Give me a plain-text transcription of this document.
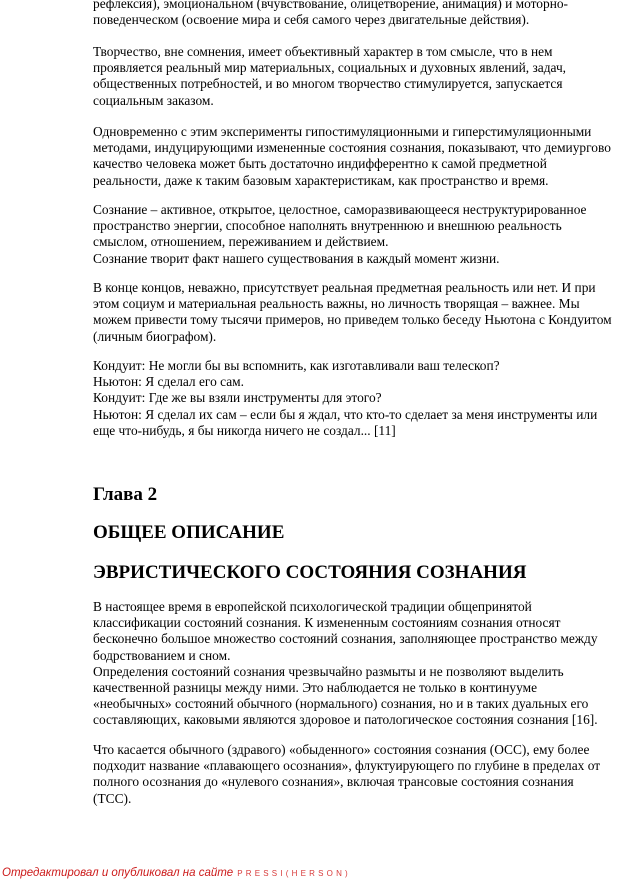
рефлексия), эмоциональном (вчувствование, олицетворение, анимация) и моторно-
поведенческом (освоение мира и себя самого через двигательные действия).

Творчество, вне сомнения, имеет объективный характер в том смысле, что в нем
проявляется реальный мир материальных, социальных и духовных явлений, задач,
общественных потребностей, и во многом творчество стимулируется, запускается
социальным заказом.

Одновременно с этим эксперименты гипостимуляционными и гиперстимуляционными
методами, индуцирующими измененные состояния сознания, показывают, что демиургово
качество человека может быть достаточно индифферентно к самой предметной
реальности, даже к таким базовым характеристикам, как пространство и время.

Сознание – активное, открытое, целостное, саморазвивающееся неструктурированное
пространство энергии, способное наполнять внутреннюю и внешнюю реальность
смыслом, отношением, переживанием и действием.
Сознание творит факт нашего существования в каждый момент жизни.

В конце концов, неважно, присутствует реальная предметная реальность или нет. И при
этом социум и материальная реальность важны, но личность творящая – важнее. Мы
можем привести тому тысячи примеров, но приведем только беседу Ньютона с Кондуитом
(личным биографом).

Кондуит: Не могли бы вы вспомнить, как изготавливали ваш телескоп?
Ньютон: Я сделал его сам.
Кондуит: Где же вы взяли инструменты для этого?
Ньютон: Я сделал их сам – если бы я ждал, что кто-то сделает за меня инструменты или
еще что-нибудь, я бы никогда ничего не создал... [11]

Глава 2
ОБЩЕЕ ОПИСАНИЕ
ЭВРИСТИЧЕСКОГО СОСТОЯНИЯ СОЗНАНИЯ

В настоящее время в европейской психологической традиции общепринятой
классификации состояний сознания. К измененным состояниям сознания относят
бесконечно большое множество состояний сознания, заполняющее пространство между
бодрствованием и сном.
Определения состояний сознания чрезвычайно размыты и не позволяют выделить
качественной разницы между ними. Это наблюдается не только в континууме
«необычных» состояний обычного (нормального) сознания, но и в таких дуальных его
составляющих, каковыми являются здоровое и патологическое состояния сознания [16].

Что касается обычного (здравого) «обыденного» состояния сознания (ОСС), ему более
подходит название «плавающего осознания», флуктуирующего по глубине в пределах от
полного осознания до «нулевого сознания», включая трансовые состояния сознания
(ТСС).

Отредактировал и опубликовал на сайте PRESSI(HERSON)
